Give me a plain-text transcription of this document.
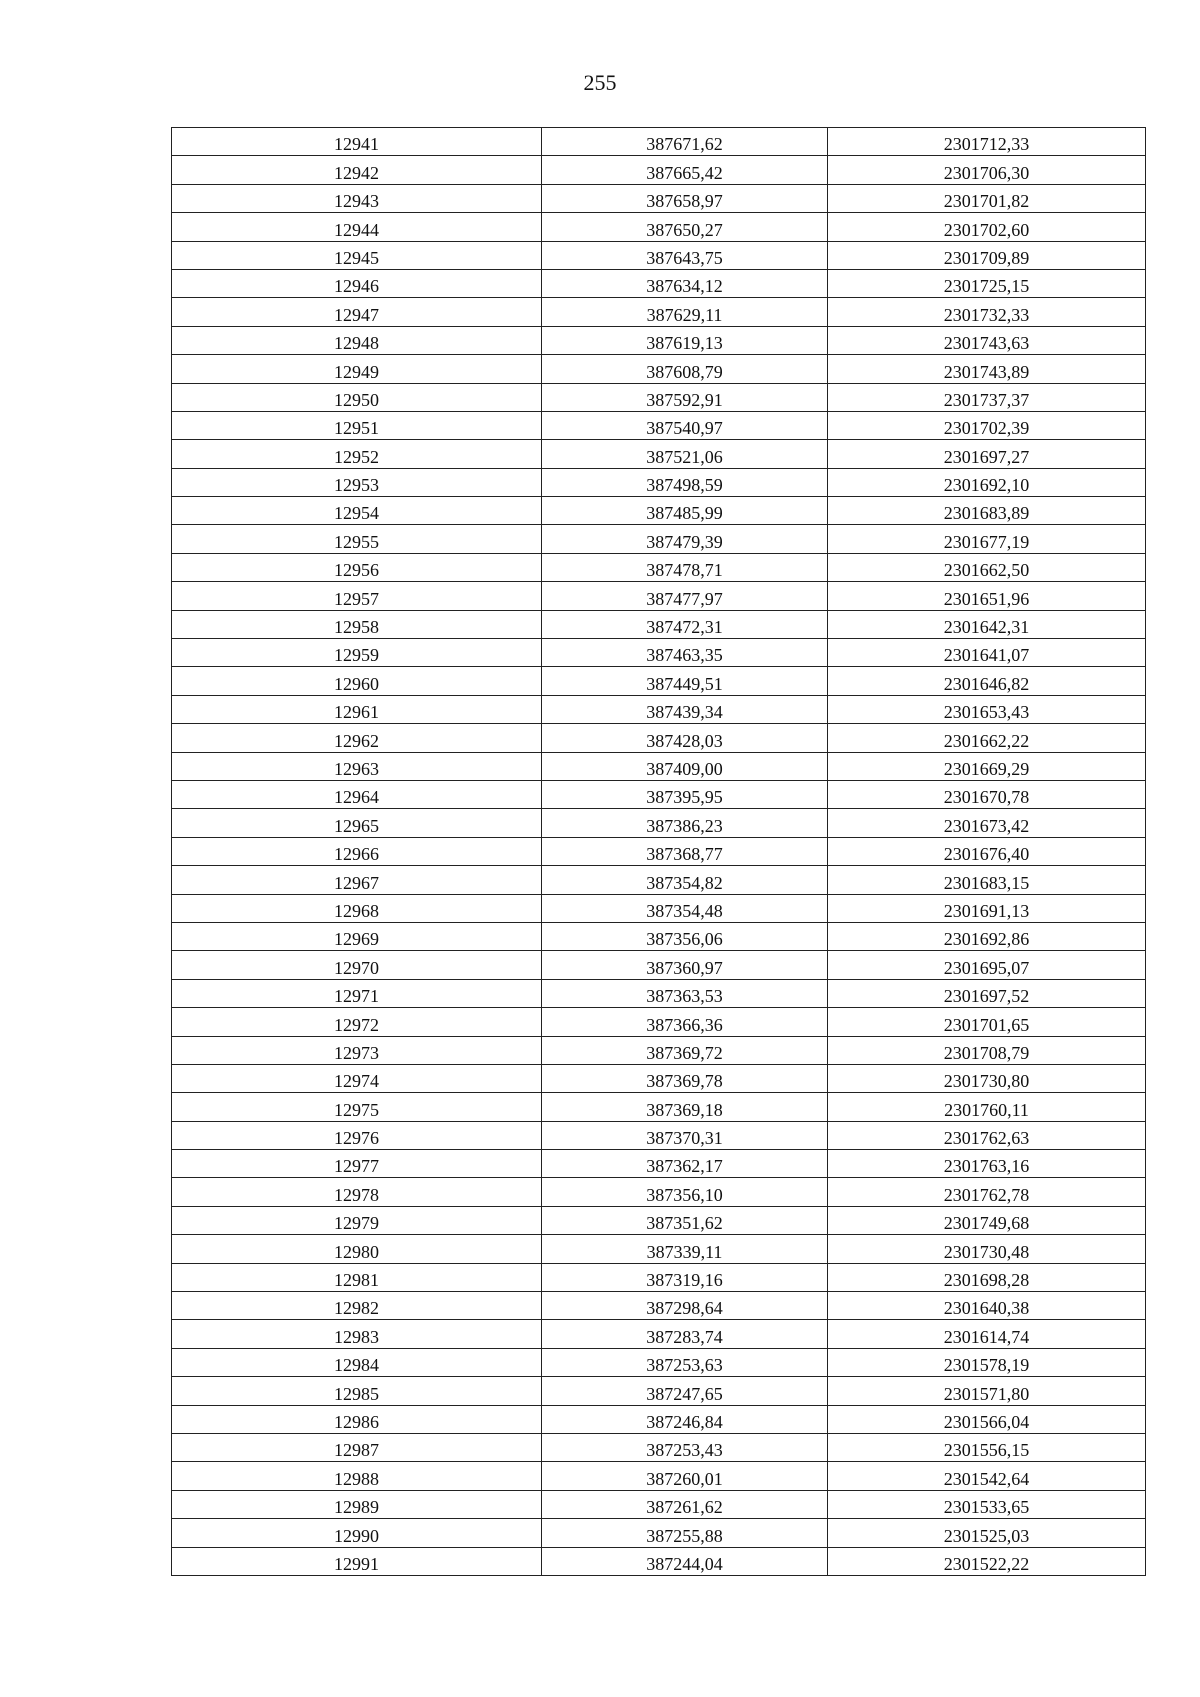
255
12941	387671,62	2301712,33
12942	387665,42	2301706,30
12943	387658,97	2301701,82
12944	387650,27	2301702,60
12945	387643,75	2301709,89
12946	387634,12	2301725,15
12947	387629,11	2301732,33
12948	387619,13	2301743,63
12949	387608,79	2301743,89
12950	387592,91	2301737,37
12951	387540,97	2301702,39
12952	387521,06	2301697,27
12953	387498,59	2301692,10
12954	387485,99	2301683,89
12955	387479,39	2301677,19
12956	387478,71	2301662,50
12957	387477,97	2301651,96
12958	387472,31	2301642,31
12959	387463,35	2301641,07
12960	387449,51	2301646,82
12961	387439,34	2301653,43
12962	387428,03	2301662,22
12963	387409,00	2301669,29
12964	387395,95	2301670,78
12965	387386,23	2301673,42
12966	387368,77	2301676,40
12967	387354,82	2301683,15
12968	387354,48	2301691,13
12969	387356,06	2301692,86
12970	387360,97	2301695,07
12971	387363,53	2301697,52
12972	387366,36	2301701,65
12973	387369,72	2301708,79
12974	387369,78	2301730,80
12975	387369,18	2301760,11
12976	387370,31	2301762,63
12977	387362,17	2301763,16
12978	387356,10	2301762,78
12979	387351,62	2301749,68
12980	387339,11	2301730,48
12981	387319,16	2301698,28
12982	387298,64	2301640,38
12983	387283,74	2301614,74
12984	387253,63	2301578,19
12985	387247,65	2301571,80
12986	387246,84	2301566,04
12987	387253,43	2301556,15
12988	387260,01	2301542,64
12989	387261,62	2301533,65
12990	387255,88	2301525,03
12991	387244,04	2301522,22
